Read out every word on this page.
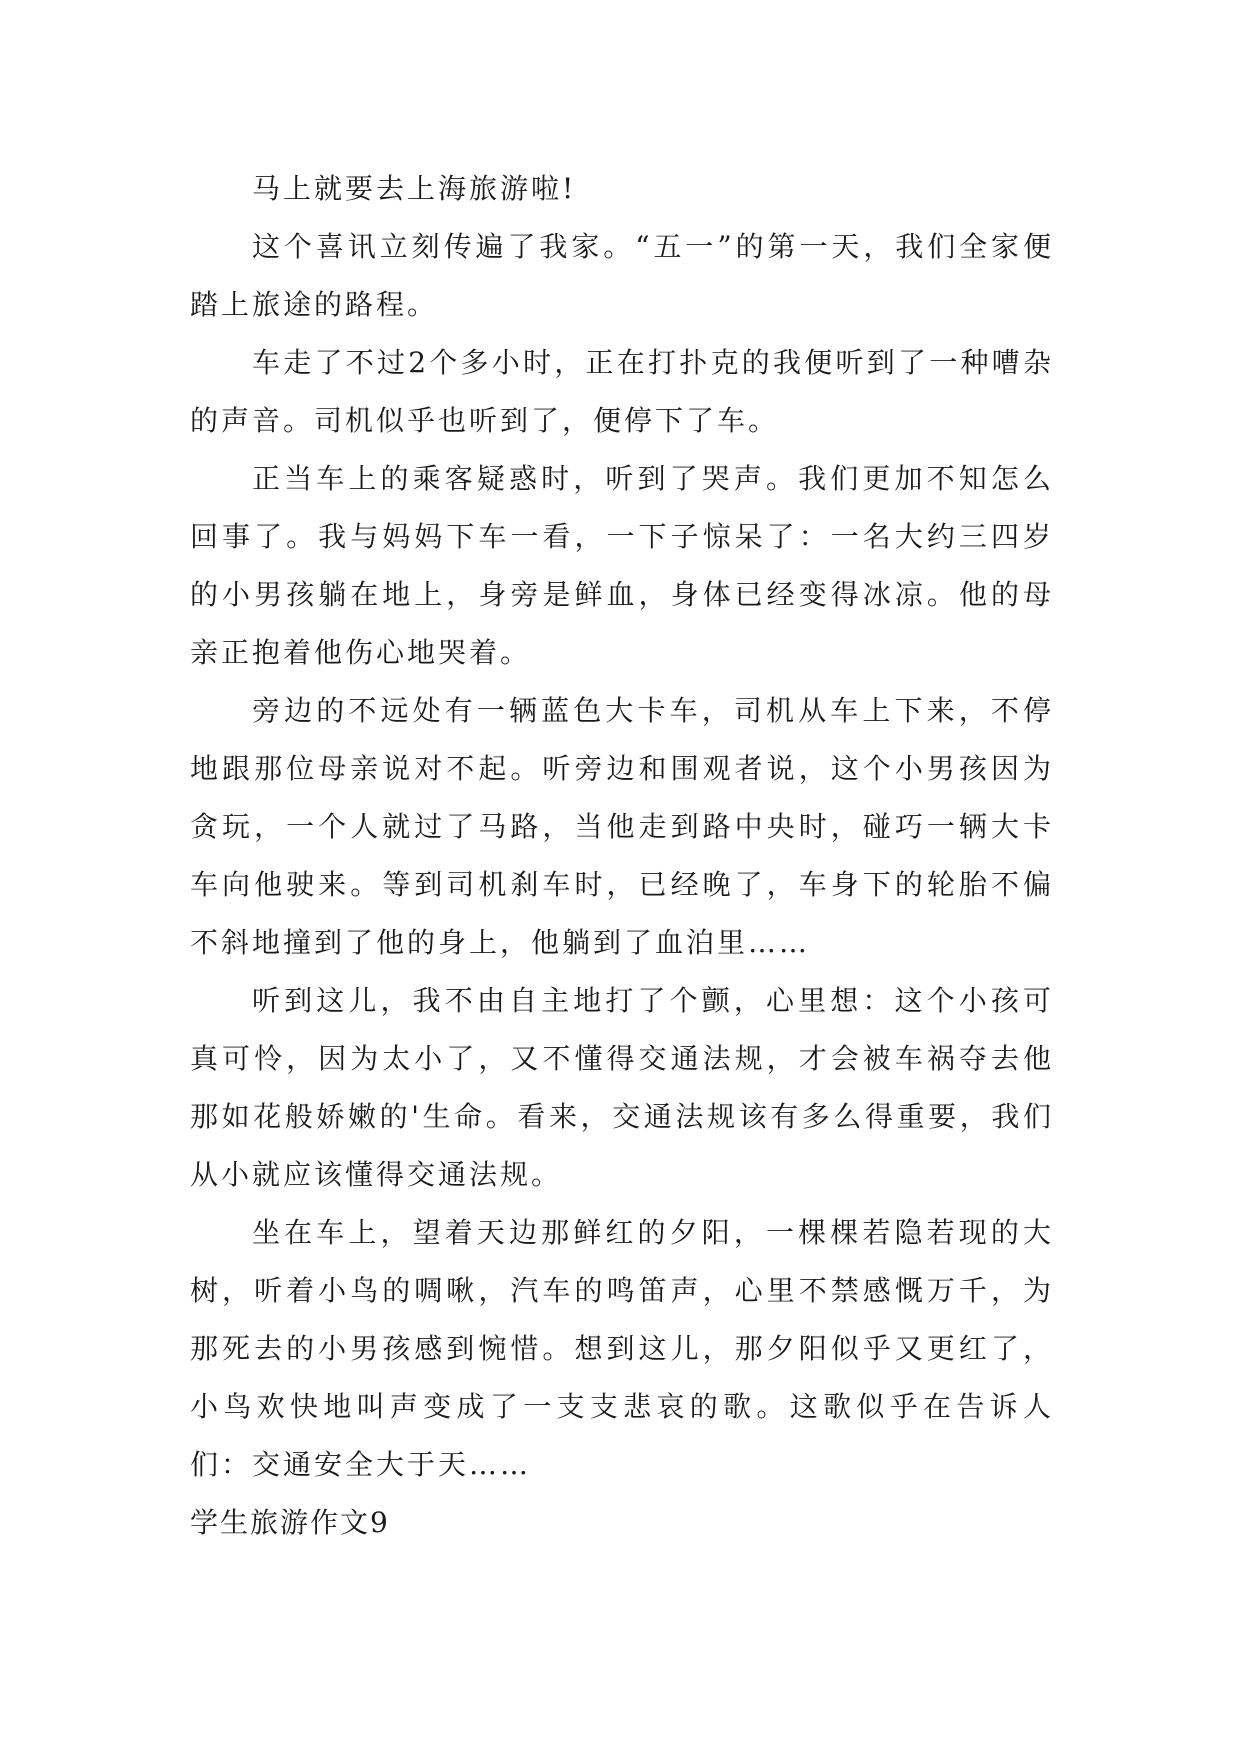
马上就要去上海旅游啦!

这个喜讯立刻传遍了我家。“五一”的第一天，我们全家便踏上旅途的路程。

车走了不过2个多小时，正在打扑克的我便听到了一种嘈杂的声音。司机似乎也听到了，便停下了车。

正当车上的乘客疑惑时，听到了哭声。我们更加不知怎么回事了。我与妈妈下车一看，一下子惊呆了：一名大约三四岁的小男孩躺在地上，身旁是鲜血，身体已经变得冰凉。他的母亲正抱着他伤心地哭着。

旁边的不远处有一辆蓝色大卡车，司机从车上下来，不停地跟那位母亲说对不起。听旁边和围观者说，这个小男孩因为贪玩，一个人就过了马路，当他走到路中央时，碰巧一辆大卡车向他驶来。等到司机刹车时，已经晚了，车身下的轮胎不偏不斜地撞到了他的身上，他躺到了血泊里……

听到这儿，我不由自主地打了个颤，心里想：这个小孩可真可怜，因为太小了，又不懂得交通法规，才会被车祸夺去他那如花般娇嫩的'生命。看来，交通法规该有多么得重要，我们从小就应该懂得交通法规。

坐在车上，望着天边那鲜红的夕阳，一棵棵若隐若现的大树，听着小鸟的啁啾，汽车的鸣笛声，心里不禁感慨万千，为那死去的小男孩感到惋惜。想到这儿，那夕阳似乎又更红了，小鸟欢快地叫声变成了一支支悲哀的歌。这歌似乎在告诉人们：交通安全大于天……

学生旅游作文9
